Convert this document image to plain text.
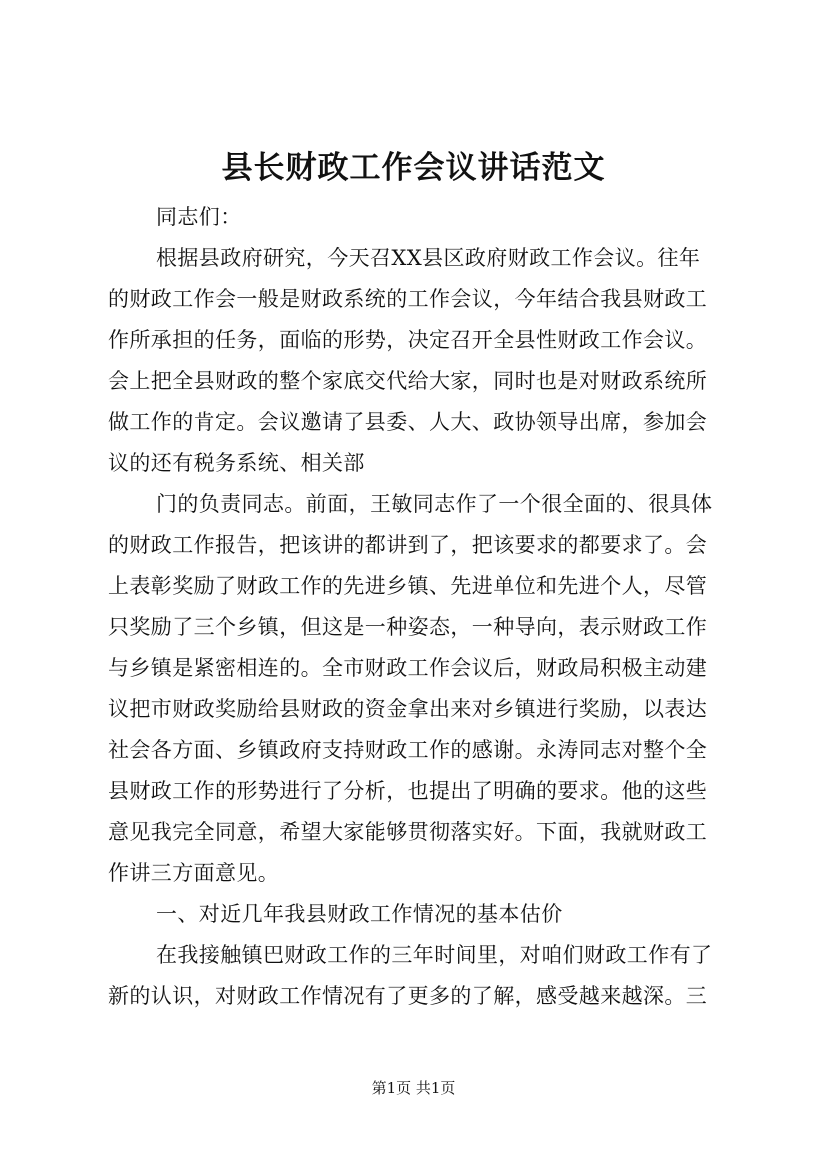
县长财政工作会议讲话范文
同志们：
根据县政府研究，今天召XX县区政府财政工作会议。往年
的财政工作会一般是财政系统的工作会议，今年结合我县财政工
作所承担的任务，面临的形势，决定召开全县性财政工作会议。
会上把全县财政的整个家底交代给大家，同时也是对财政系统所
做工作的肯定。会议邀请了县委、人大、政协领导出席，参加会
议的还有税务系统、相关部
门的负责同志。前面，王敏同志作了一个很全面的、很具体
的财政工作报告，把该讲的都讲到了，把该要求的都要求了。会
上表彰奖励了财政工作的先进乡镇、先进单位和先进个人，尽管
只奖励了三个乡镇，但这是一种姿态，一种导向，表示财政工作
与乡镇是紧密相连的。全市财政工作会议后，财政局积极主动建
议把市财政奖励给县财政的资金拿出来对乡镇进行奖励，以表达
社会各方面、乡镇政府支持财政工作的感谢。永涛同志对整个全
县财政工作的形势进行了分析，也提出了明确的要求。他的这些
意见我完全同意，希望大家能够贯彻落实好。下面，我就财政工
作讲三方面意见。
一、对近几年我县财政工作情况的基本估价
在我接触镇巴财政工作的三年时间里，对咱们财政工作有了
新的认识，对财政工作情况有了更多的了解，感受越来越深。三
第1页 共1页
